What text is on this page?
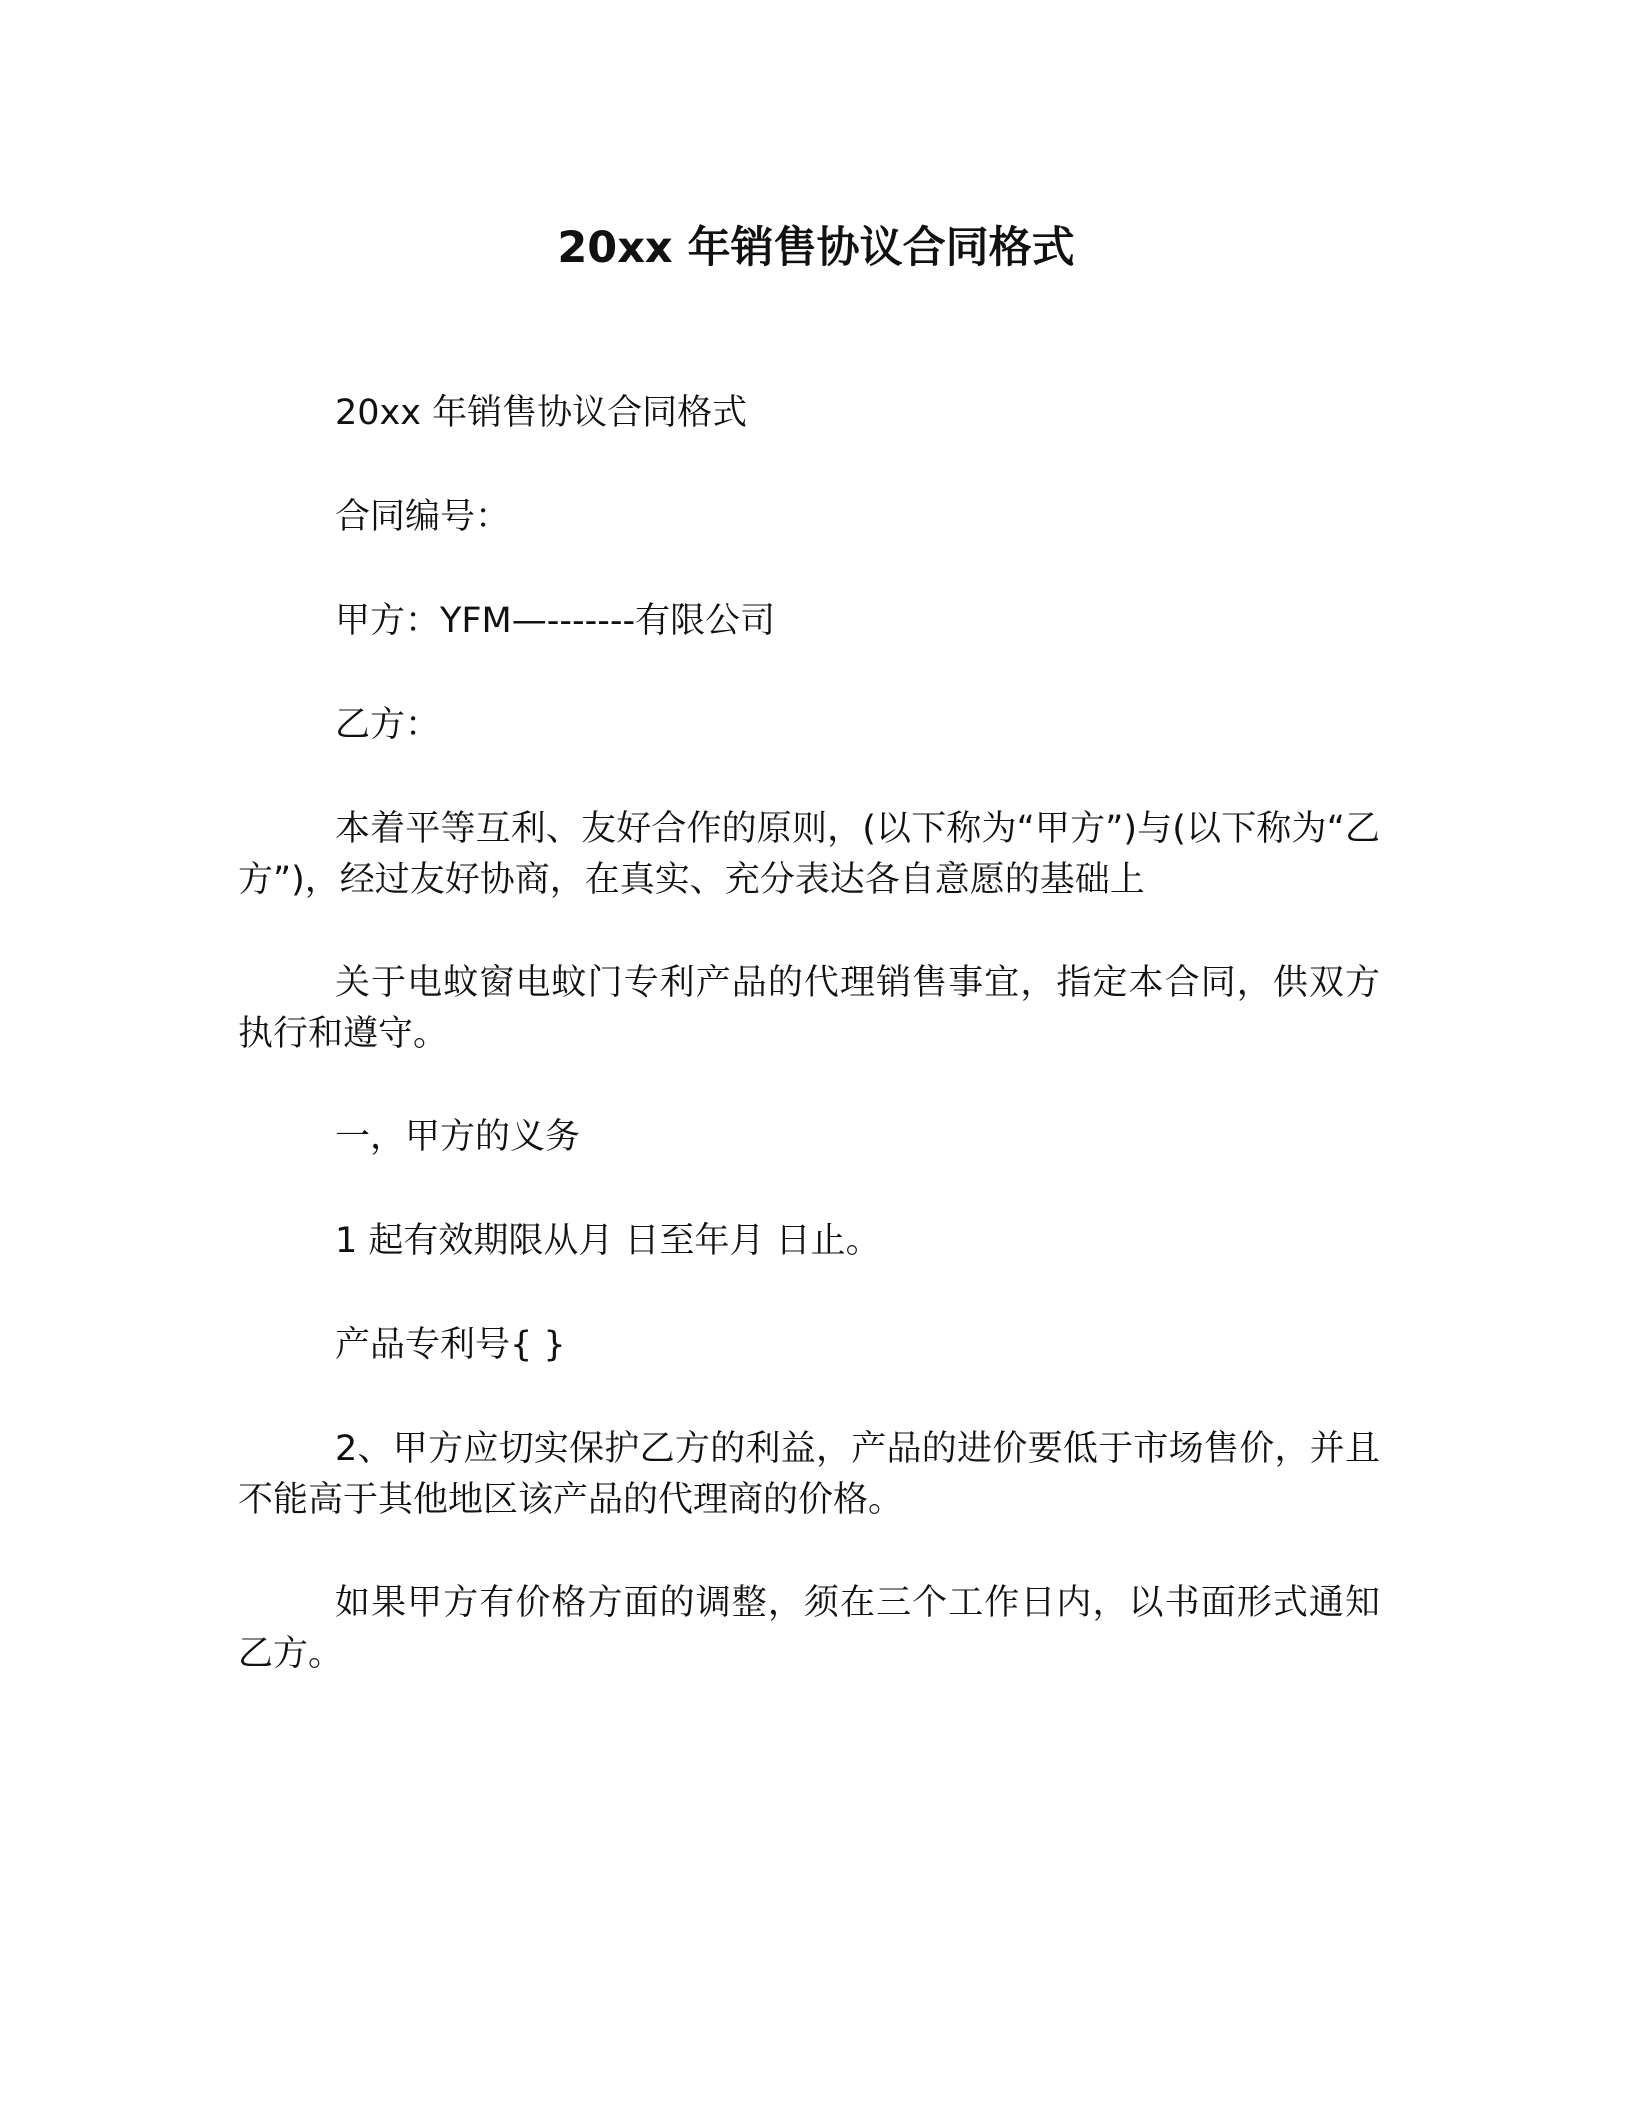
20xx 年销售协议合同格式

20xx 年销售协议合同格式

合同编号：

甲方：YFM—-------有限公司

乙方：

本着平等互利、友好合作的原则，(以下称为“甲方”)与(以下称为“乙方”)，经过友好协商，在真实、充分表达各自意愿的基础上

关于电蚊窗电蚊门专利产品的代理销售事宜，指定本合同，供双方执行和遵守。

一，甲方的义务

1 起有效期限从月 日至年月 日止。

产品专利号{ }

2、甲方应切实保护乙方的利益，产品的进价要低于市场售价，并且不能高于其他地区该产品的代理商的价格。

如果甲方有价格方面的调整，须在三个工作日内，以书面形式通知乙方。
